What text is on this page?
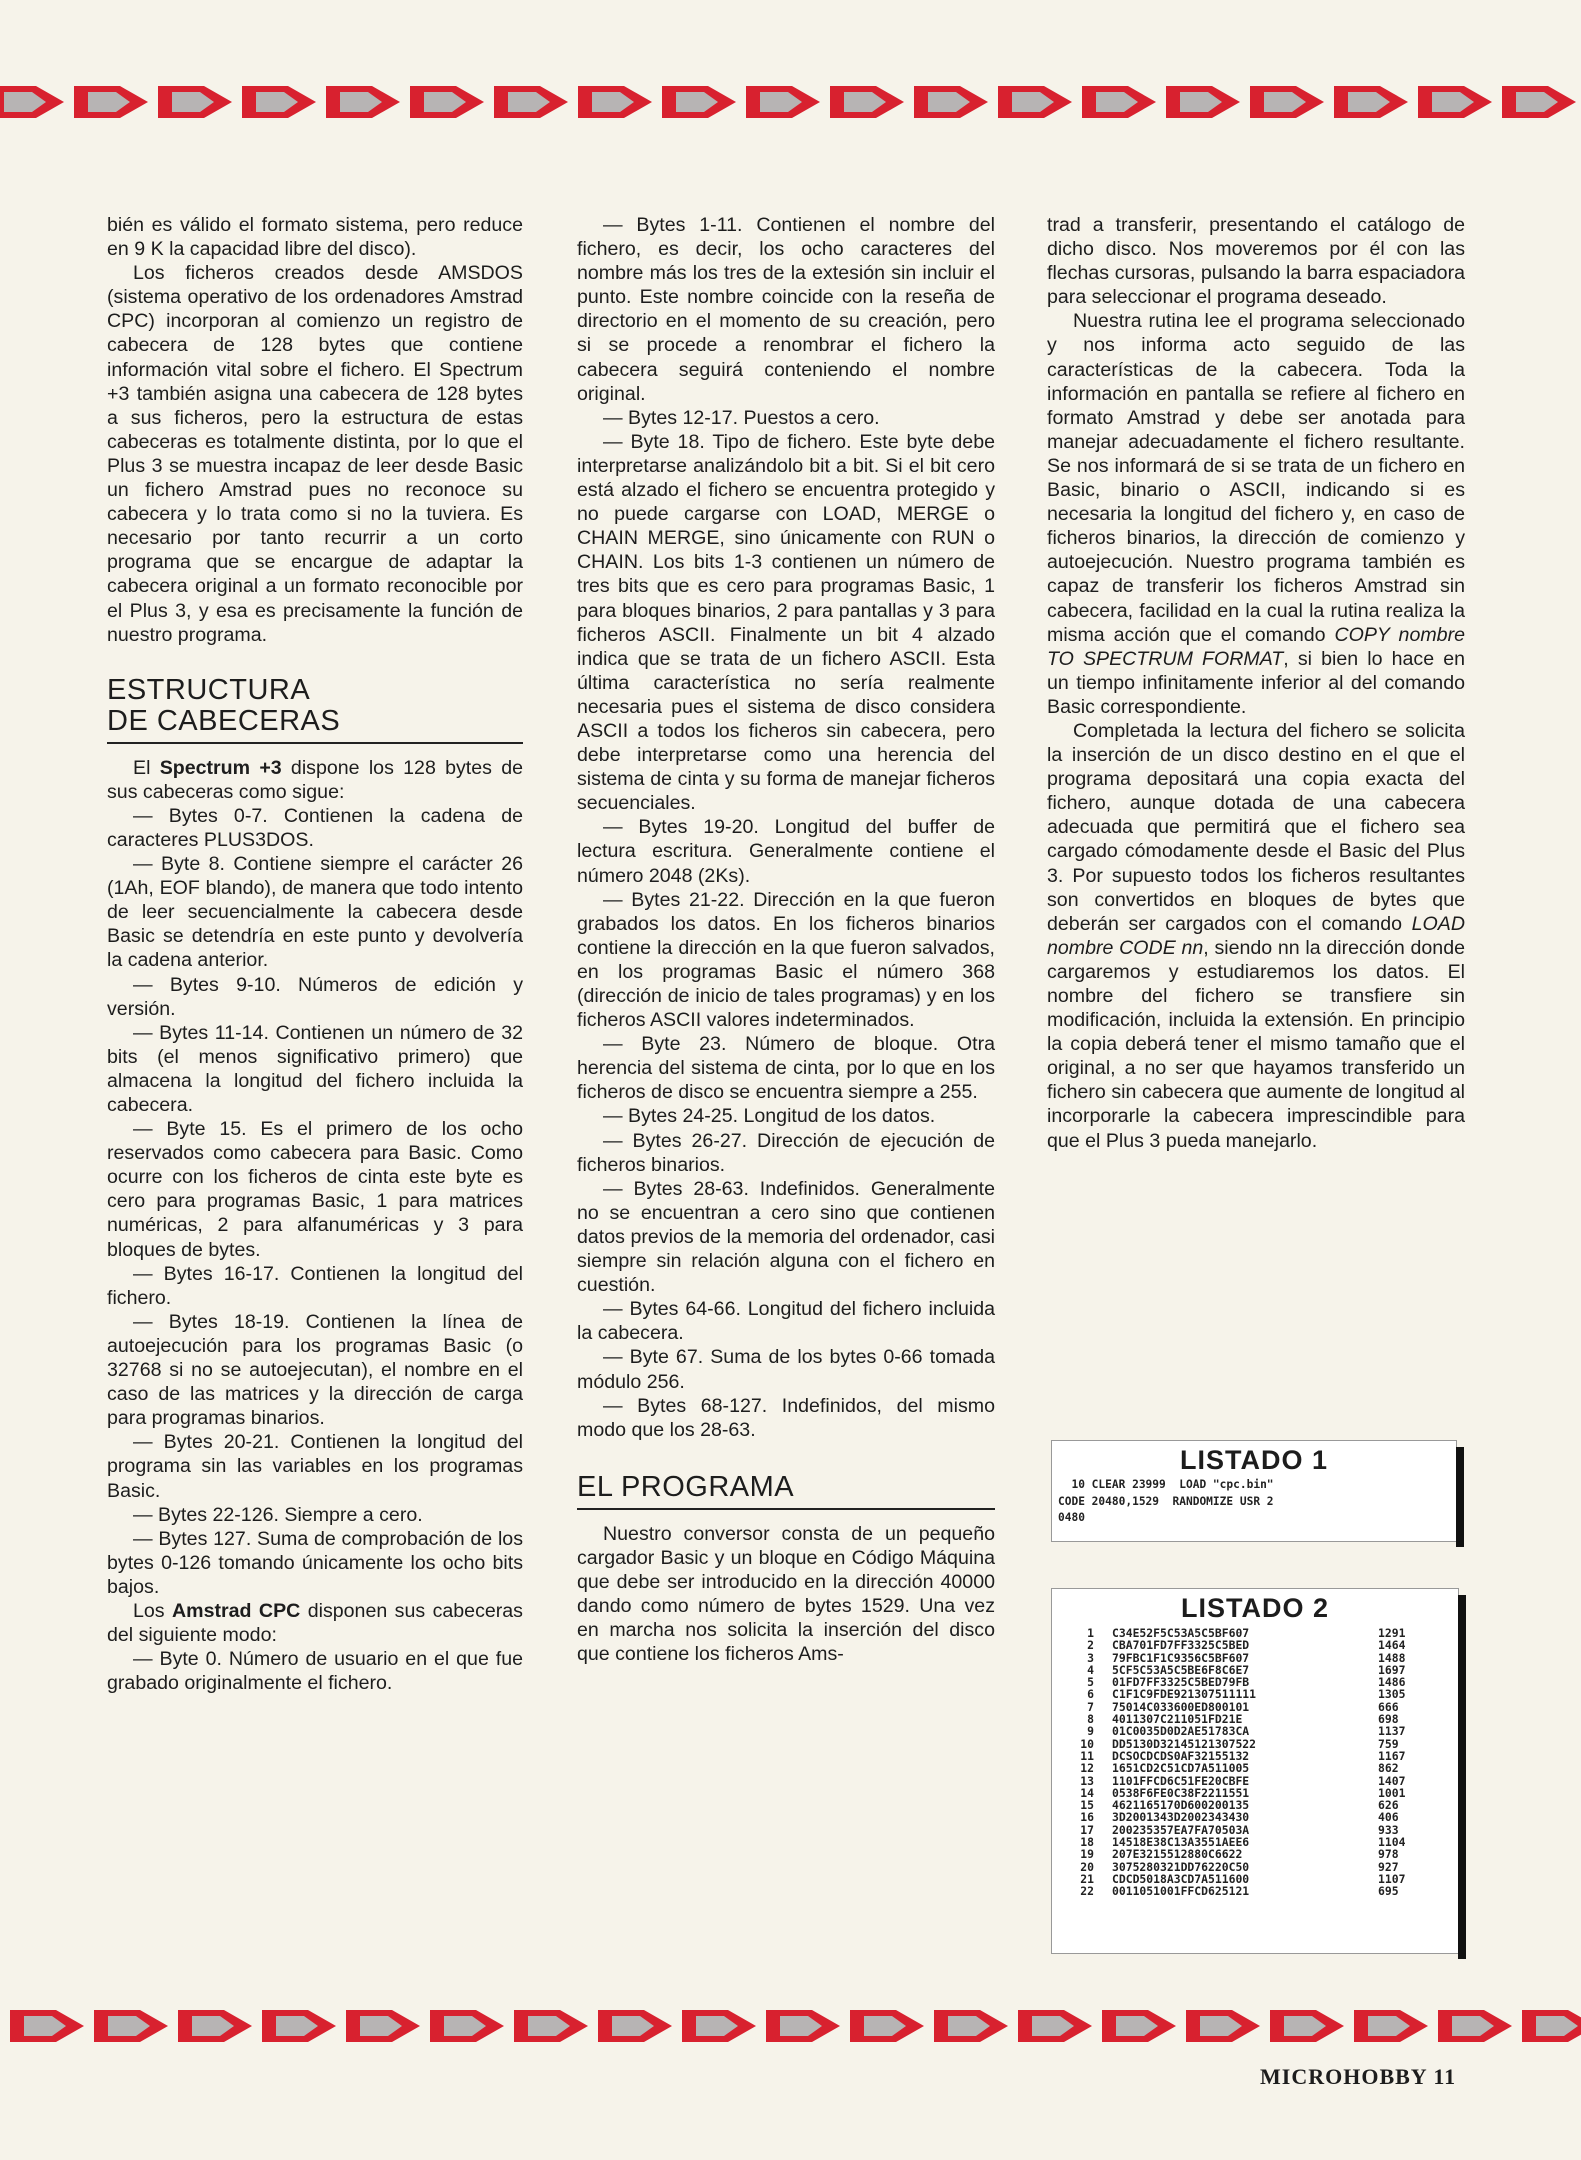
bién es válido el formato sistema, pero reduce en 9 K la capacidad libre del disco).

Los ficheros creados desde AMSDOS (sistema operativo de los ordenadores Amstrad CPC) incorporan al comienzo un registro de cabecera de 128 bytes que contiene información vital sobre el fichero. El Spectrum +3 también asigna una cabecera de 128 bytes a sus ficheros, pero la estructura de estas cabeceras es totalmente distinta, por lo que el Plus 3 se muestra incapaz de leer desde Basic un fichero Amstrad pues no reconoce su cabecera y lo trata como si no la tuviera. Es necesario por tanto recurrir a un corto programa que se encargue de adaptar la cabecera original a un formato reconocible por el Plus 3, y esa es precisamente la función de nuestro programa.

ESTRUCTURA
DE CABECERAS

El Spectrum +3 dispone los 128 bytes de sus cabeceras como sigue:

— Bytes 0-7. Contienen la cadena de caracteres PLUS3DOS.

— Byte 8. Contiene siempre el carácter 26 (1Ah, EOF blando), de manera que todo intento de leer secuencialmente la cabecera desde Basic se detendría en este punto y devolvería la cadena anterior.

— Bytes 9-10. Números de edición y versión.

— Bytes 11-14. Contienen un número de 32 bits (el menos significativo primero) que almacena la longitud del fichero incluida la cabecera.

— Byte 15. Es el primero de los ocho reservados como cabecera para Basic. Como ocurre con los ficheros de cinta este byte es cero para programas Basic, 1 para matrices numéricas, 2 para alfanuméricas y 3 para bloques de bytes.

— Bytes 16-17. Contienen la longitud del fichero.

— Bytes 18-19. Contienen la línea de autoejecución para los programas Basic (o 32768 si no se autoejecutan), el nombre en el caso de las matrices y la dirección de carga para programas binarios.

— Bytes 20-21. Contienen la longitud del programa sin las variables en los programas Basic.

— Bytes 22-126. Siempre a cero.

— Bytes 127. Suma de comprobación de los bytes 0-126 tomando únicamente los ocho bits bajos.

Los Amstrad CPC disponen sus cabeceras del siguiente modo:

— Byte 0. Número de usuario en el que fue grabado originalmente el fichero.

— Bytes 1-11. Contienen el nombre del fichero, es decir, los ocho caracteres del nombre más los tres de la extesión sin incluir el punto. Este nombre coincide con la reseña de directorio en el momento de su creación, pero si se procede a renombrar el fichero la cabecera seguirá conteniendo el nombre original.

— Bytes 12-17. Puestos a cero.

— Byte 18. Tipo de fichero. Este byte debe interpretarse analizándolo bit a bit. Si el bit cero está alzado el fichero se encuentra protegido y no puede cargarse con LOAD, MERGE o CHAIN MERGE, sino únicamente con RUN o CHAIN. Los bits 1-3 contienen un número de tres bits que es cero para programas Basic, 1 para bloques binarios, 2 para pantallas y 3 para ficheros ASCII. Finalmente un bit 4 alzado indica que se trata de un fichero ASCII. Esta última característica no sería realmente necesaria pues el sistema de disco considera ASCII a todos los ficheros sin cabecera, pero debe interpretarse como una herencia del sistema de cinta y su forma de manejar ficheros secuenciales.

— Bytes 19-20. Longitud del buffer de lectura escritura. Generalmente contiene el número 2048 (2Ks).

— Bytes 21-22. Dirección en la que fueron grabados los datos. En los ficheros binarios contiene la dirección en la que fueron salvados, en los programas Basic el número 368 (dirección de inicio de tales programas) y en los ficheros ASCII valores indeterminados.

— Byte 23. Número de bloque. Otra herencia del sistema de cinta, por lo que en los ficheros de disco se encuentra siempre a 255.

— Bytes 24-25. Longitud de los datos.

— Bytes 26-27. Dirección de ejecución de ficheros binarios.

— Bytes 28-63. Indefinidos. Generalmente no se encuentran a cero sino que contienen datos previos de la memoria del ordenador, casi siempre sin relación alguna con el fichero en cuestión.

— Bytes 64-66. Longitud del fichero incluida la cabecera.

— Byte 67. Suma de los bytes 0-66 tomada módulo 256.

— Bytes 68-127. Indefinidos, del mismo modo que los 28-63.

EL PROGRAMA

Nuestro conversor consta de un pequeño cargador Basic y un bloque en Código Máquina que debe ser introducido en la dirección 40000 dando como número de bytes 1529. Una vez en marcha nos solicita la inserción del disco que contiene los ficheros Ams-

trad a transferir, presentando el catálogo de dicho disco. Nos moveremos por él con las flechas cursoras, pulsando la barra espaciadora para seleccionar el programa deseado.

Nuestra rutina lee el programa seleccionado y nos informa acto seguido de las características de la cabecera. Toda la información en pantalla se refiere al fichero en formato Amstrad y debe ser anotada para manejar adecuadamente el fichero resultante. Se nos informará de si se trata de un fichero en Basic, binario o ASCII, indicando si es necesaria la longitud del fichero y, en caso de ficheros binarios, la dirección de comienzo y autoejecución. Nuestro programa también es capaz de transferir los ficheros Amstrad sin cabecera, facilidad en la cual la rutina realiza la misma acción que el comando COPY nombre TO SPECTRUM FORMAT, si bien lo hace en un tiempo infinitamente inferior al del comando Basic correspondiente.

Completada la lectura del fichero se solicita la inserción de un disco destino en el que el programa depositará una copia exacta del fichero, aunque dotada de una cabecera adecuada que permitirá que el fichero sea cargado cómodamente desde el Basic del Plus 3. Por supuesto todos los ficheros resultantes son convertidos en bloques de bytes que deberán ser cargados con el comando LOAD nombre CODE nn, siendo nn la dirección donde cargaremos y estudiaremos los datos. El nombre del fichero se transfiere sin modificación, incluida la extensión. En principio la copia deberá tener el mismo tamaño que el original, a no ser que hayamos transferido un fichero sin cabecera que aumente de longitud al incorporarle la cabecera imprescindible para que el Plus 3 pueda manejarlo.

LISTADO 1
10 CLEAR 23999  LOAD "cpc.bin"
CODE 20480,1529  RANDOMIZE USR 2
0480
LISTADO 2
1	C34E52F5C53A5C5BF607	1291
2	CBA701FD7FF3325C5BED	1464
3	79FBC1F1C9356C5BF607	1488
4	5CF5C53A5C5BE6F8C6E7	1697
5	01FD7FF3325C5BED79FB	1486
6	C1F1C9FDE921307511111	1305
7	75014C033600ED800101	666
8	4011307C211051FD21E	698
9	01C0035D0D2AE51783CA	1137
10	DD5130D32145121307522	759
11	DCSOCDCDS0AF32155132	1167
12	1651CD2C51CD7A511005	862
13	1101FFCD6C51FE20CBFE	1407
14	0538F6FE0C38F2211551	1001
15	4621165170D600200135	626
16	3D2001343D2002343430	406
17	200235357EA7FA70503A	933
18	14518E38C13A3551AEE6	1104
19	207E3215512880C6622	978
20	3075280321DD76220C50	927
21	CDCD5018A3CD7A511600	1107
22	0011051001FFCD625121	695
MICROHOBBY 11
